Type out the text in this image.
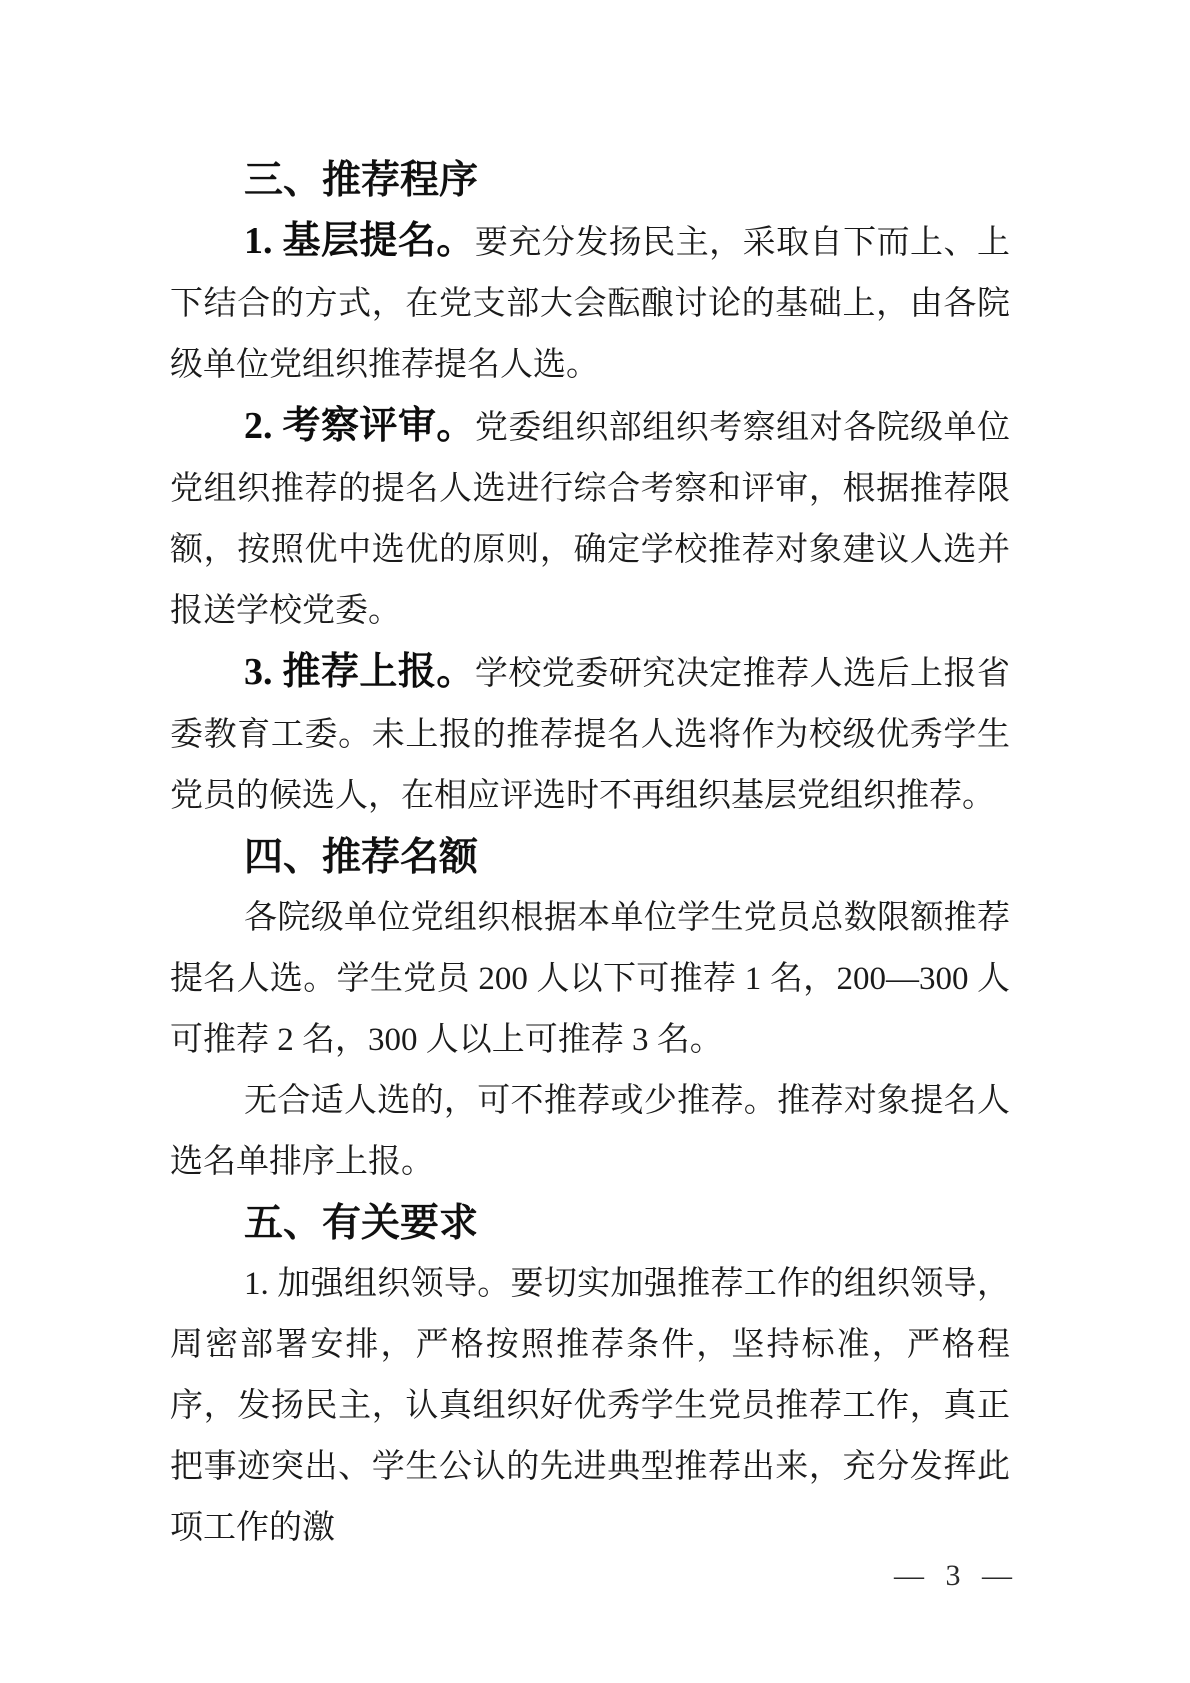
三、推荐程序

1. 基层提名。要充分发扬民主，采取自下而上、上下结合的方式，在党支部大会酝酿讨论的基础上，由各院级单位党组织推荐提名人选。

2. 考察评审。党委组织部组织考察组对各院级单位党组织推荐的提名人选进行综合考察和评审，根据推荐限额，按照优中选优的原则，确定学校推荐对象建议人选并报送学校党委。

3. 推荐上报。学校党委研究决定推荐人选后上报省委教育工委。未上报的推荐提名人选将作为校级优秀学生党员的候选人，在相应评选时不再组织基层党组织推荐。

四、推荐名额

各院级单位党组织根据本单位学生党员总数限额推荐提名人选。学生党员 200 人以下可推荐 1 名，200—300 人可推荐 2 名，300 人以上可推荐 3 名。

无合适人选的，可不推荐或少推荐。推荐对象提名人选名单排序上报。

五、有关要求

1. 加强组织领导。要切实加强推荐工作的组织领导，周密部署安排，严格按照推荐条件，坚持标准，严格程序，发扬民主，认真组织好优秀学生党员推荐工作，真正把事迹突出、学生公认的先进典型推荐出来，充分发挥此项工作的激

— 3 —
